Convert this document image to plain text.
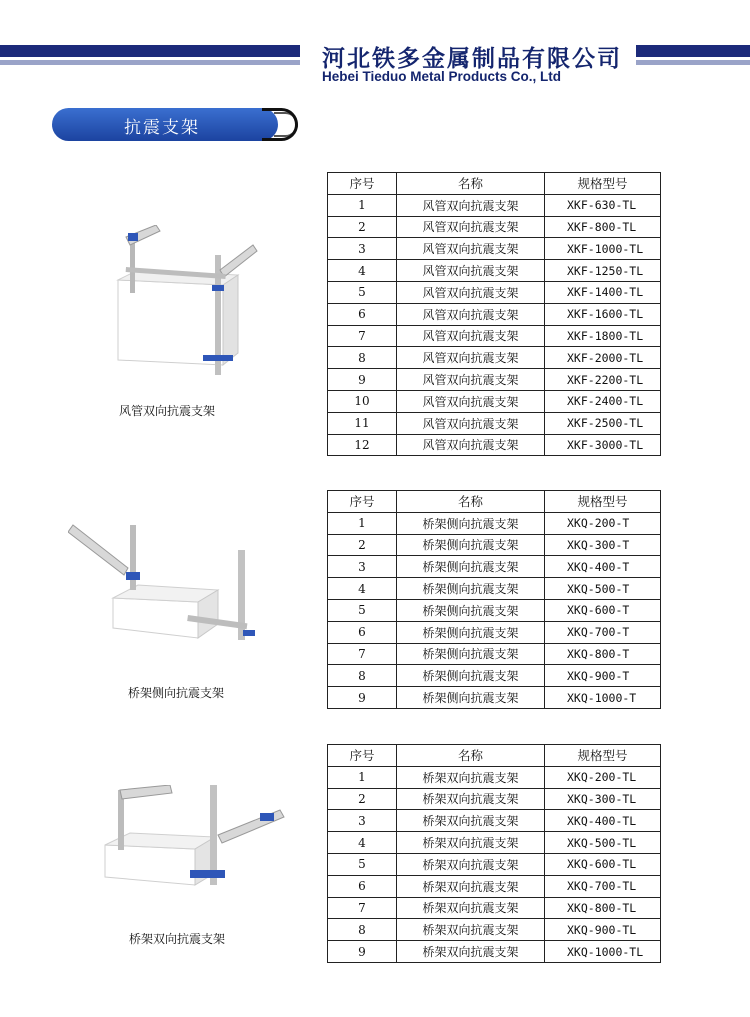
河北铁多金属制品有限公司
Hebei Tieduo Metal Products Co., Ltd
抗震支架
风管双向抗震支架
桥架侧向抗震支架
桥架双向抗震支架
序号	名称	规格型号
1	风管双向抗震支架	XKF-630-TL
2	风管双向抗震支架	XKF-800-TL
3	风管双向抗震支架	XKF-1000-TL
4	风管双向抗震支架	XKF-1250-TL
5	风管双向抗震支架	XKF-1400-TL
6	风管双向抗震支架	XKF-1600-TL
7	风管双向抗震支架	XKF-1800-TL
8	风管双向抗震支架	XKF-2000-TL
9	风管双向抗震支架	XKF-2200-TL
10	风管双向抗震支架	XKF-2400-TL
11	风管双向抗震支架	XKF-2500-TL
12	风管双向抗震支架	XKF-3000-TL
序号	名称	规格型号
1	桥架侧向抗震支架	XKQ-200-T
2	桥架侧向抗震支架	XKQ-300-T
3	桥架侧向抗震支架	XKQ-400-T
4	桥架侧向抗震支架	XKQ-500-T
5	桥架侧向抗震支架	XKQ-600-T
6	桥架侧向抗震支架	XKQ-700-T
7	桥架侧向抗震支架	XKQ-800-T
8	桥架侧向抗震支架	XKQ-900-T
9	桥架侧向抗震支架	XKQ-1000-T
序号	名称	规格型号
1	桥架双向抗震支架	XKQ-200-TL
2	桥架双向抗震支架	XKQ-300-TL
3	桥架双向抗震支架	XKQ-400-TL
4	桥架双向抗震支架	XKQ-500-TL
5	桥架双向抗震支架	XKQ-600-TL
6	桥架双向抗震支架	XKQ-700-TL
7	桥架双向抗震支架	XKQ-800-TL
8	桥架双向抗震支架	XKQ-900-TL
9	桥架双向抗震支架	XKQ-1000-TL
